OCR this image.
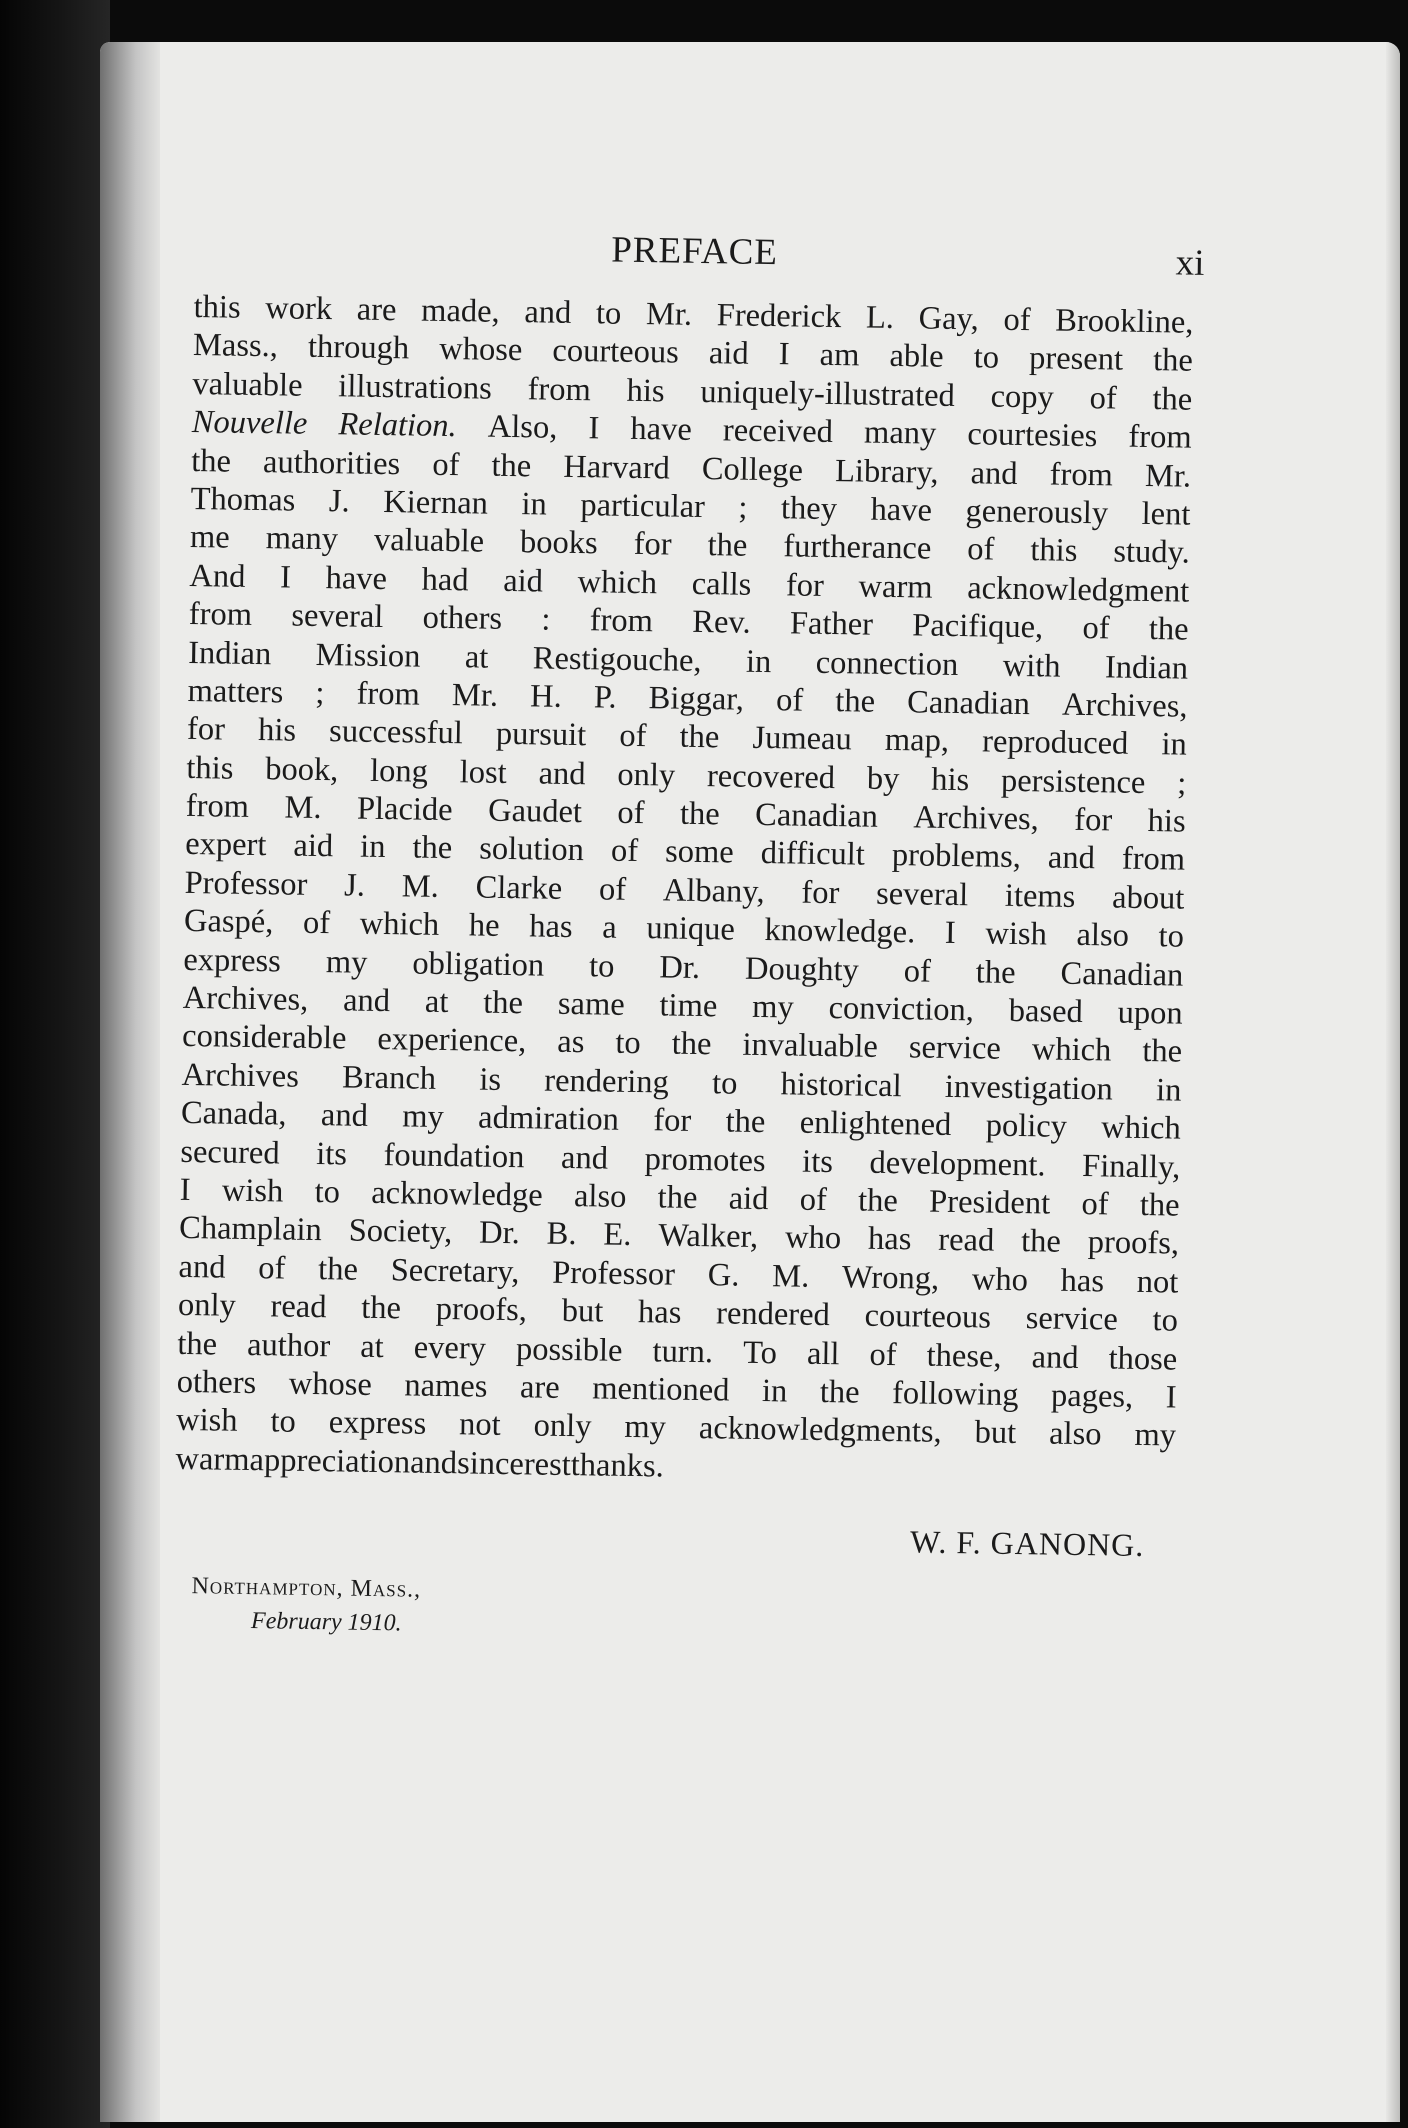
PREFACE	xi
this work are made, and to Mr. Frederick L. Gay, of Brookline,
Mass., through whose courteous aid I am able to present the
valuable illustrations from his uniquely-illustrated copy of the
Nouvelle Relation. Also, I have received many courtesies from
the authorities of the Harvard College Library, and from Mr.
Thomas J. Kiernan in particular ; they have generously lent
me many valuable books for the furtherance of this study.
And I have had aid which calls for warm acknowledgment
from several others : from Rev. Father Pacifique, of the
Indian Mission at Restigouche, in connection with Indian
matters ; from Mr. H. P. Biggar, of the Canadian Archives,
for his successful pursuit of the Jumeau map, reproduced in
this book, long lost and only recovered by his persistence ;
from M. Placide Gaudet of the Canadian Archives, for his
expert aid in the solution of some difficult problems, and from
Professor J. M. Clarke of Albany, for several items about
Gaspé, of which he has a unique knowledge. I wish also to
express my obligation to Dr. Doughty of the Canadian
Archives, and at the same time my conviction, based upon
considerable experience, as to the invaluable service which the
Archives Branch is rendering to historical investigation in
Canada, and my admiration for the enlightened policy which
secured its foundation and promotes its development. Finally,
I wish to acknowledge also the aid of the President of the
Champlain Society, Dr. B. E. Walker, who has read the proofs,
and of the Secretary, Professor G. M. Wrong, who has not
only read the proofs, but has rendered courteous service to
the author at every possible turn. To all of these, and those
others whose names are mentioned in the following pages, I
wish to express not only my acknowledgments, but also my
warm appreciation and sincerest thanks.
W. F. GANONG.
Northampton, Mass.,
February 1910.
